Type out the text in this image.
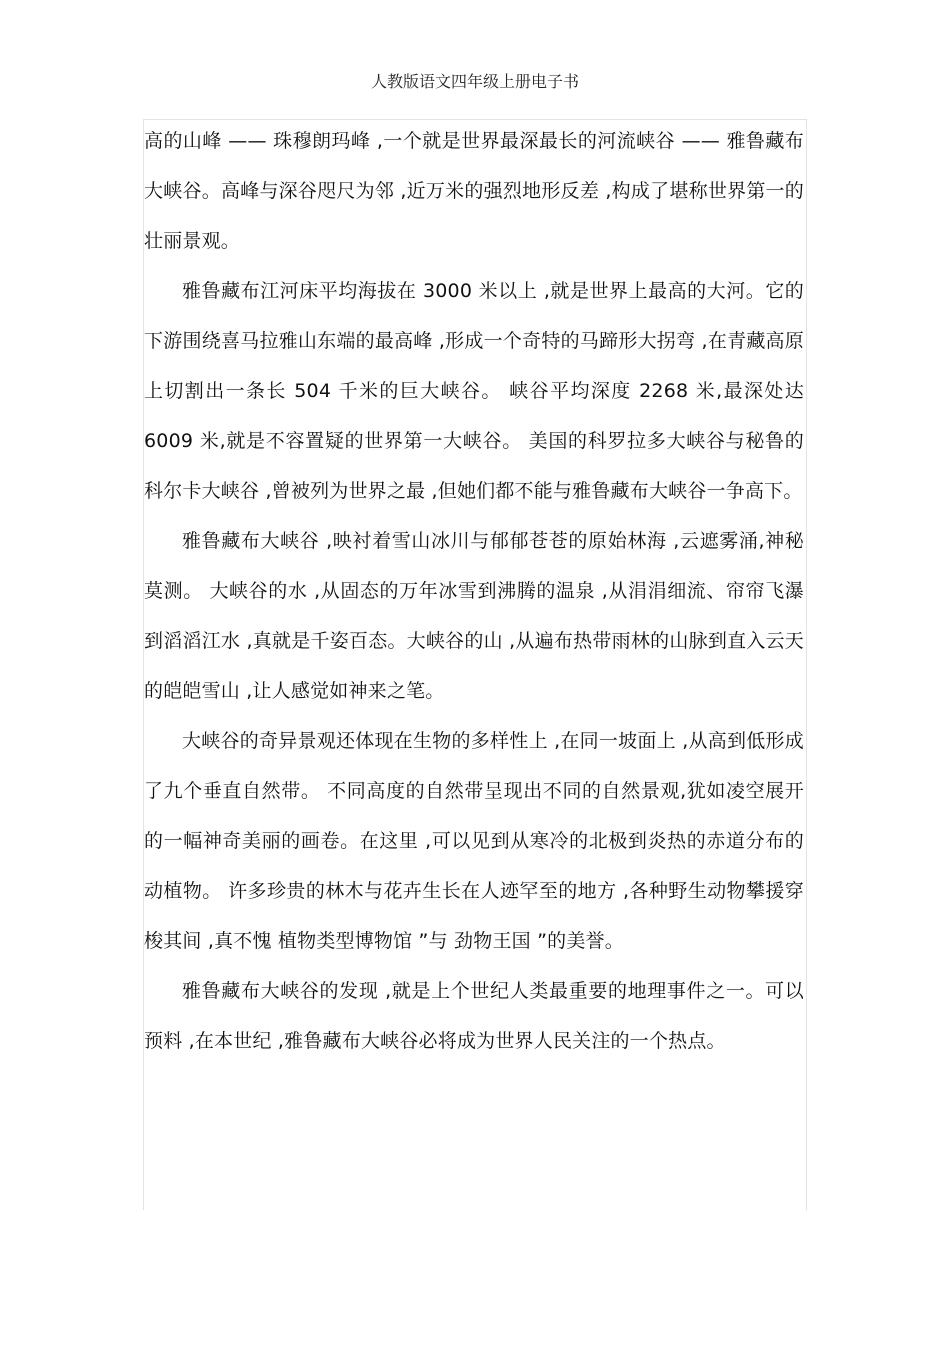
人教版语文四年级上册电子书

高的山峰 —— 珠穆朗玛峰 ,一个就是世界最深最长的河流峡谷 —— 雅鲁藏布大峡谷。高峰与深谷咫尺为邻 ,近万米的强烈地形反差 ,构成了堪称世界第一的壮丽景观。

雅鲁藏布江河床平均海拔在 3000 米以上 ,就是世界上最高的大河。它的下游围绕喜马拉雅山东端的最高峰 ,形成一个奇特的马蹄形大拐弯 ,在青藏高原上切割出一条长 504 千米的巨大峡谷。 峡谷平均深度 2268 米,最深处达 6009 米,就是不容置疑的世界第一大峡谷。 美国的科罗拉多大峡谷与秘鲁的科尔卡大峡谷 ,曾被列为世界之最 ,但她们都不能与雅鲁藏布大峡谷一争高下。

雅鲁藏布大峡谷 ,映衬着雪山冰川与郁郁苍苍的原始林海 ,云遮雾涌,神秘莫测。 大峡谷的水 ,从固态的万年冰雪到沸腾的温泉 ,从涓涓细流、帘帘飞瀑到滔滔江水 ,真就是千姿百态。大峡谷的山 ,从遍布热带雨林的山脉到直入云天的皑皑雪山 ,让人感觉如神来之笔。

大峡谷的奇异景观还体现在生物的多样性上 ,在同一坡面上 ,从高到低形成了九个垂直自然带。 不同高度的自然带呈现出不同的自然景观,犹如凌空展开的一幅神奇美丽的画卷。在这里 ,可以见到从寒冷的北极到炎热的赤道分布的动植物。 许多珍贵的林木与花卉生长在人迹罕至的地方 ,各种野生动物攀援穿梭其间 ,真不愧 植物类型博物馆 ”与 劲物王国 ”的美誉。

雅鲁藏布大峡谷的发现 ,就是上个世纪人类最重要的地理事件之一。可以预料 ,在本世纪 ,雅鲁藏布大峡谷必将成为世界人民关注的一个热点。
